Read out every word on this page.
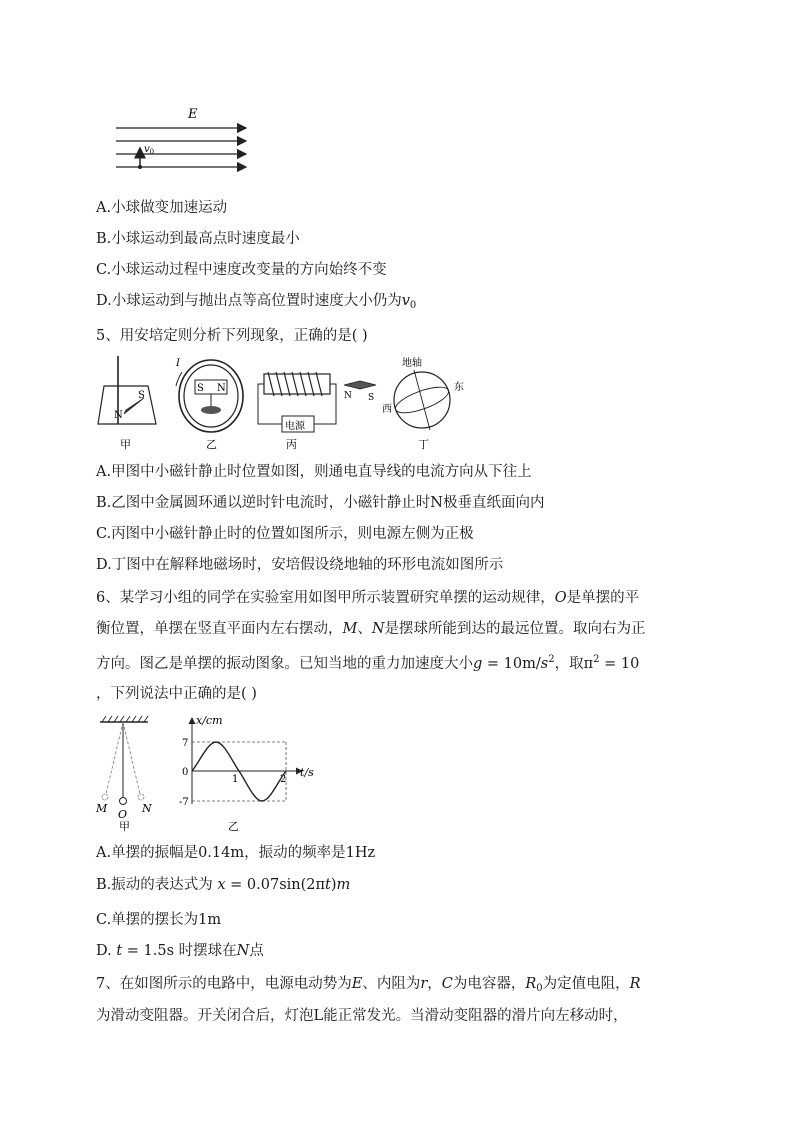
E
$v_0$
A.小球做变加速运动
B.小球运动到最高点时速度最小
C.小球运动过程中速度改变量的方向始终不变
D.小球运动到与抛出点等高位置时速度大小仍为$v_0$
5、用安培定则分析下列现象，正确的是( )
S
N
甲
I
S N
乙
电源
N S
丙
地轴
东
西
丁
A.甲图中小磁针静止时位置如图，则通电直导线的电流方向从下往上
B.乙图中金属圆环通以逆时针电流时，小磁针静止时N极垂直纸面向内
C.丙图中小磁针静止时的位置如图所示，则电源左侧为正极
D.丁图中在解释地磁场时，安培假设绕地轴的环形电流如图所示
6、某学习小组的同学在实验室用如图甲所示装置研究单摆的运动规律，O是单摆的平
衡位置，单摆在竖直平面内左右摆动，M、N是摆球所能到达的最远位置。取向右为正
方向。图乙是单摆的振动图象。已知当地的重力加速度大小$g = 10m/s^2$，取$\pi^2 = 10$
，下列说法中正确的是( )
M O N
甲
x/cm
t/s
7
0
-7
1	2
乙
A.单摆的振幅是0.14m，振动的频率是1Hz
B.振动的表达式为 x = 0.07sin(2πt)m
C.单摆的摆长为1m
D. t = 1.5s 时摆球在N点
7、在如图所示的电路中，电源电动势为E、内阻为r，C为电容器，$R_0$为定值电阻，R
为滑动变阻器。开关闭合后，灯泡L能正常发光。当滑动变阻器的滑片向左移动时，
